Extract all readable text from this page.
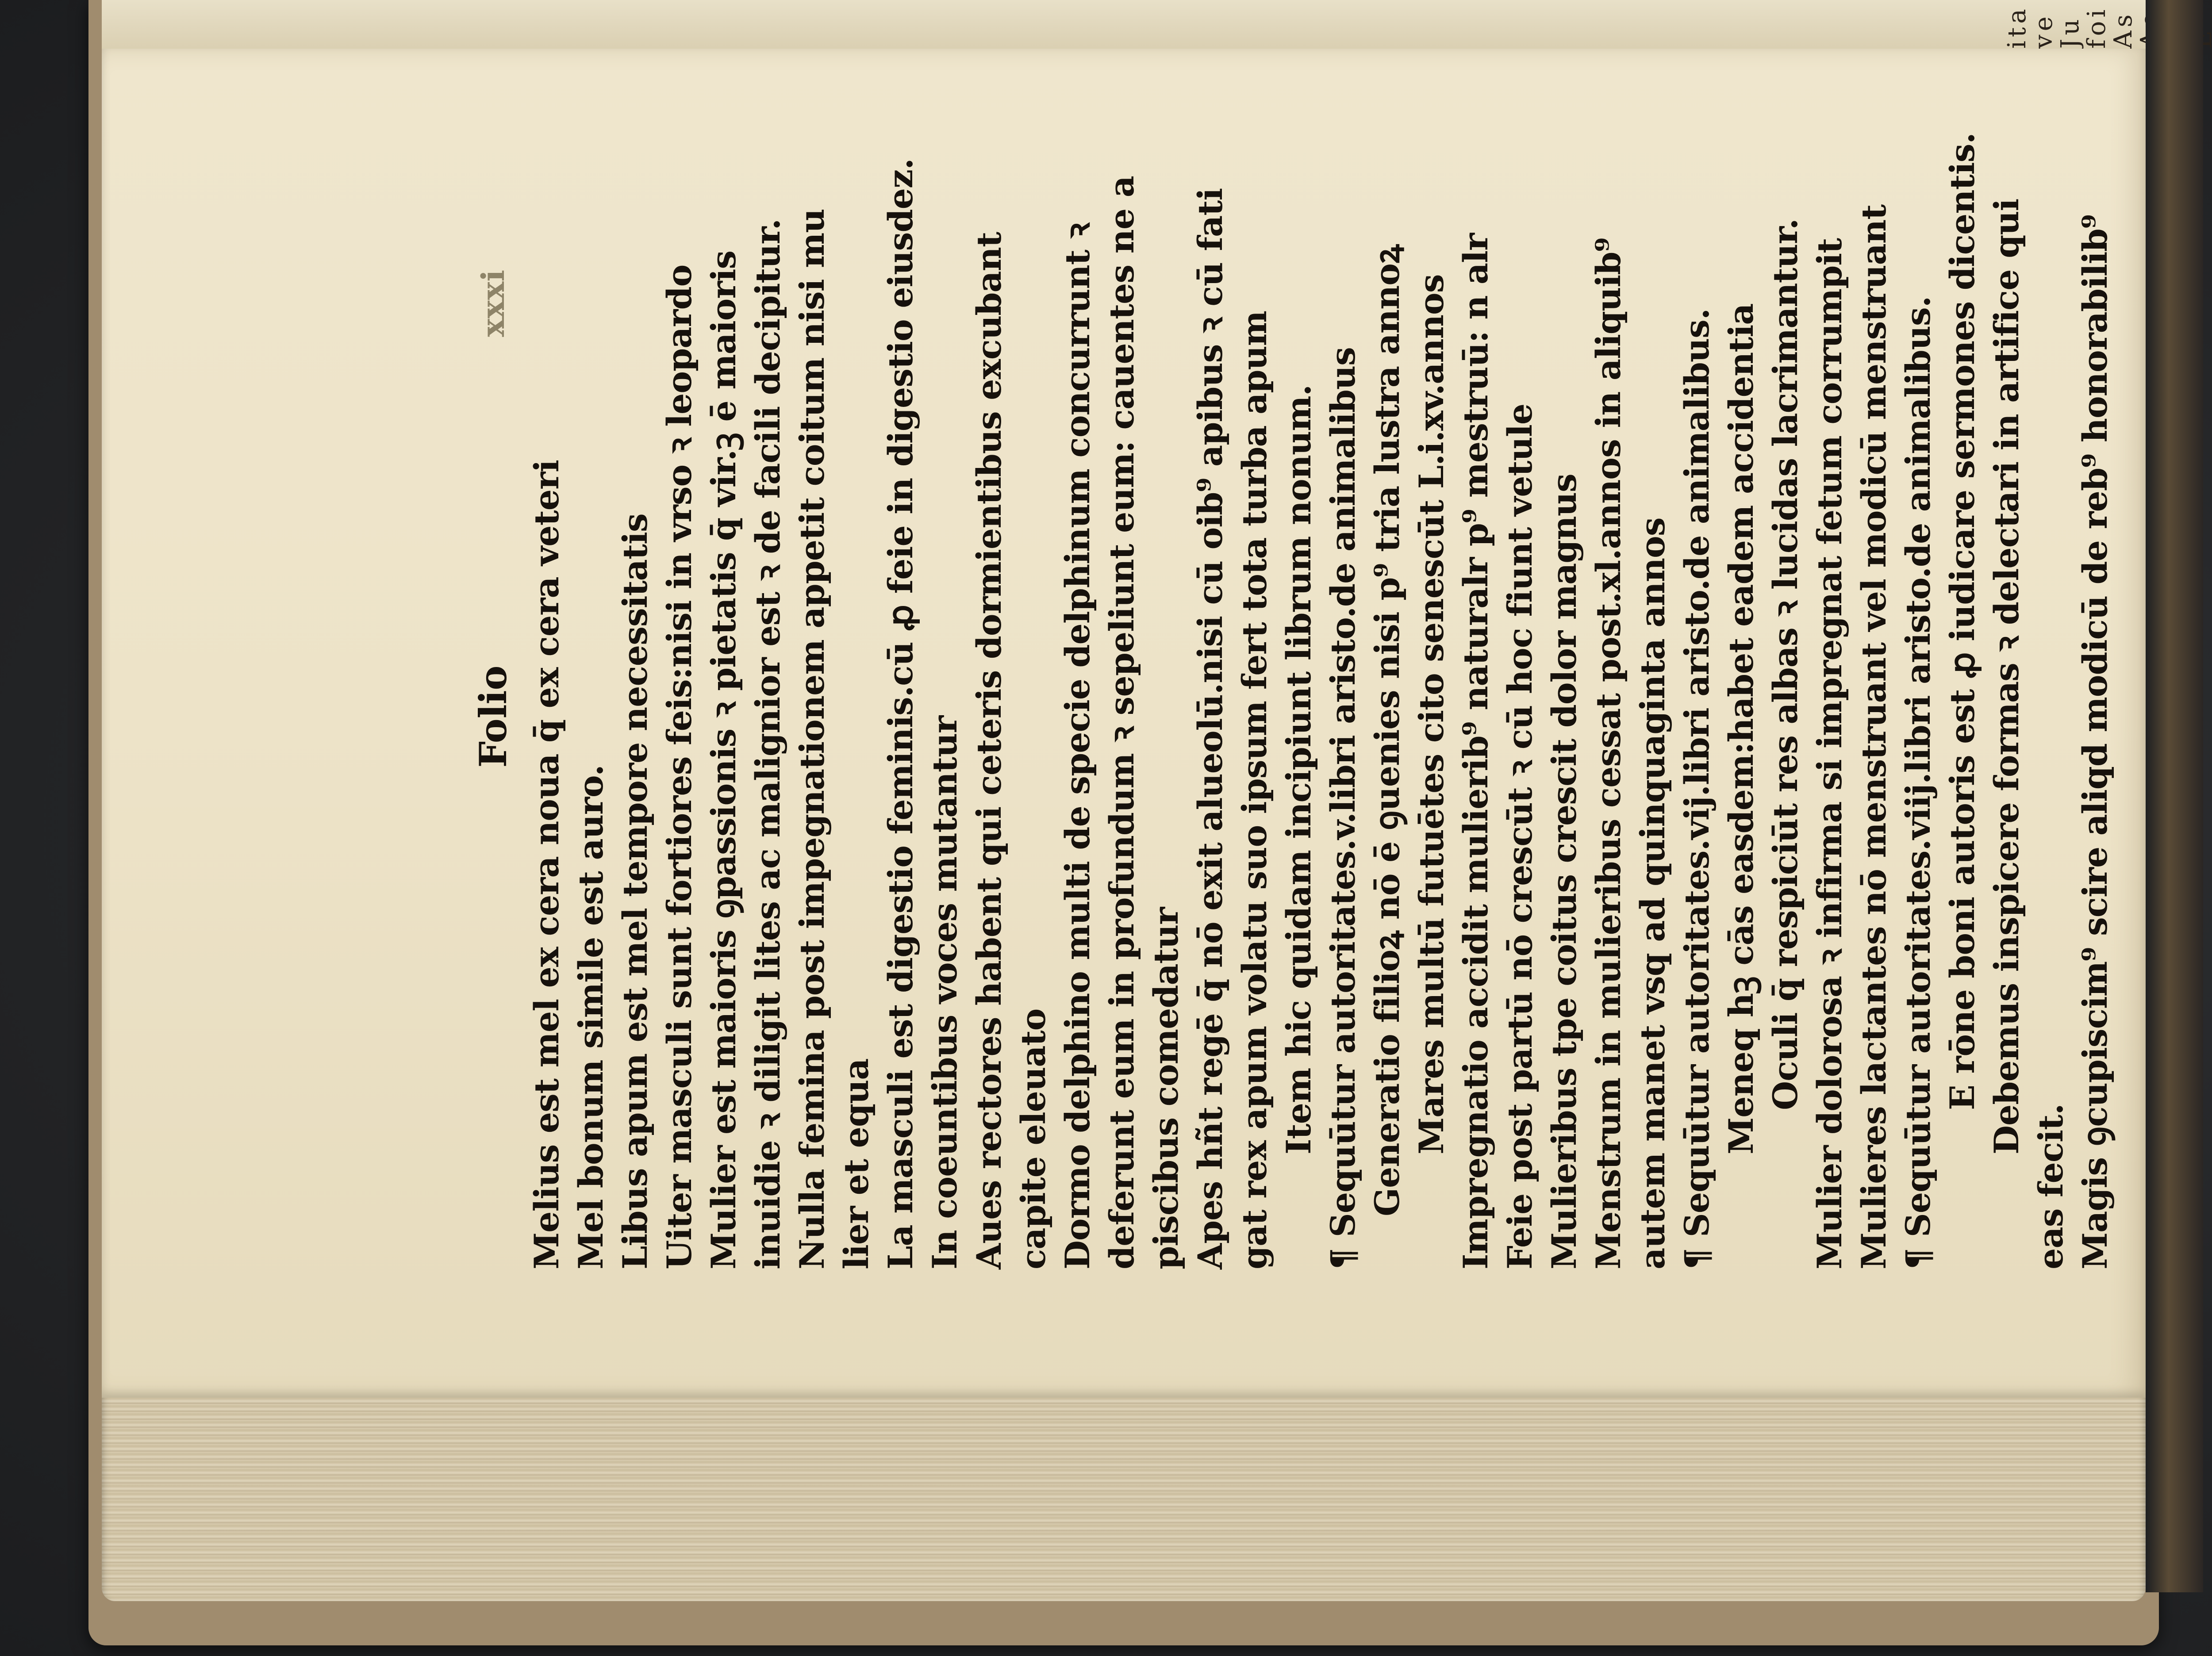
ita ve Ju foi As
Folio
xxxi
Melius est mel ex cera noua q̄ ex cera veteri Mel bonum simile est auro. Libus apum est mel tempore necessitatis Uiter masculi sunt fortiores feis:nisi in vrso ꝛ leopardo Mulier est maioris ꝯpassionis ꝛ pietatis q̄ vir.ꝫ ē maioris inuidie ꝛ diligit lites ac malignior est ꝛ de facili decipitur. Nulla femina post impegnationem appetit coitum nisi mu lier et equa La masculi est digestio feminis.cū ꝓ feie in digestio eiusdez. In coeuntibus voces mutantur Aues rectores habent qui ceteris dormientibus excubant capite eleuato Dormo delphino multi de specie delphinum concurrunt ꝛ deferunt eum in profundum ꝛ sepeliunt eum: cauentes ne a piscibus comedatur Apes hñt regē q̄ nō exit alueolū.nisi cū oib⁹ apibus ꝛ cū fati gat rex apum volatu suo ipsum fert tota turba apum Item hic quidam incipiunt librum nonum. ¶ Sequūtur autoritates.v.libri aristo.de animalibus Generatio filioꝝ nō ē ꝯuenies nisi p⁹ tria lustra annoꝝ Mares multū futuētes cito senescūt L.i.xv.annos Impregnatio accidit mulierib⁹ naturalr p⁹ mestruū: n alr Feie post partū nō crescūt ꝛ cū hoc fiunt vetule Mulieribus tpe coitus crescit dolor magnus Menstrum in mulieribus cessat post.xl.annos in aliquib⁹ autem manet vsq ad quinquaginta annos ¶ Sequūtur autoritates.vij.libri aristo.de animalibus. Meneq hꝫ cās easdem:habet eadem accidentia Oculi q̄ respiciūt res albas ꝛ lucidas lacrimantur. Mulier dolorosa ꝛ infirma si impregnat fetum corrumpit Mulieres lactantes nō menstruant vel modicū menstruant ¶ Sequūtur autoritates.viij.libri aristo.de animalibus. E rōne boni autoris est ꝓ iudicare sermones dicentis. Debemus inspicere formas ꝛ delectari in artifice qui
eas fecit. Magis ꝯcupiscim⁹ scire aliqd modicū de reb⁹ honorabilib⁹
